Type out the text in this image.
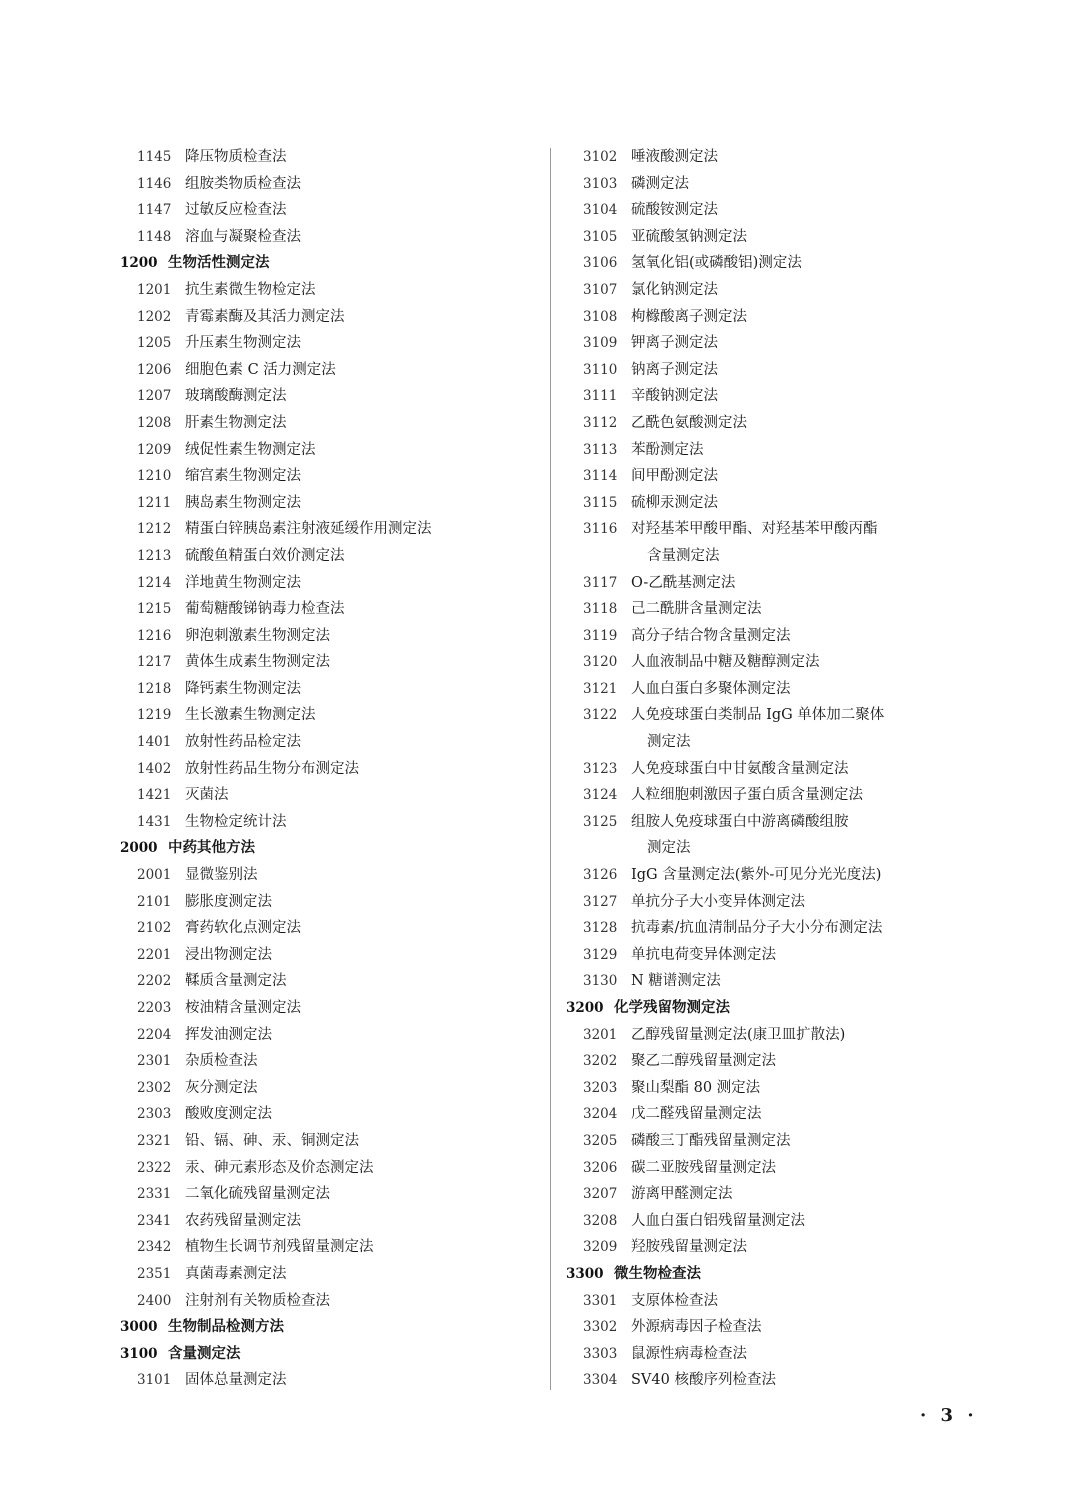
1145 降压物质检查法
1146 组胺类物质检查法
1147 过敏反应检查法
1148 溶血与凝聚检查法
1200 生物活性测定法
1201 抗生素微生物检定法
1202 青霉素酶及其活力测定法
1205 升压素生物测定法
1206 细胞色素 C 活力测定法
1207 玻璃酸酶测定法
1208 肝素生物测定法
1209 绒促性素生物测定法
1210 缩宫素生物测定法
1211 胰岛素生物测定法
1212 精蛋白锌胰岛素注射液延缓作用测定法
1213 硫酸鱼精蛋白效价测定法
1214 洋地黄生物测定法
1215 葡萄糖酸锑钠毒力检查法
1216 卵泡刺激素生物测定法
1217 黄体生成素生物测定法
1218 降钙素生物测定法
1219 生长激素生物测定法
1401 放射性药品检定法
1402 放射性药品生物分布测定法
1421 灭菌法
1431 生物检定统计法
2000 中药其他方法
2001 显微鉴别法
2101 膨胀度测定法
2102 膏药软化点测定法
2201 浸出物测定法
2202 鞣质含量测定法
2203 桉油精含量测定法
2204 挥发油测定法
2301 杂质检查法
2302 灰分测定法
2303 酸败度测定法
2321 铅、镉、砷、汞、铜测定法
2322 汞、砷元素形态及价态测定法
2331 二氧化硫残留量测定法
2341 农药残留量测定法
2342 植物生长调节剂残留量测定法
2351 真菌毒素测定法
2400 注射剂有关物质检查法
3000 生物制品检测方法
3100 含量测定法
3101 固体总量测定法
3102 唾液酸测定法
3103 磷测定法
3104 硫酸铵测定法
3105 亚硫酸氢钠测定法
3106 氢氧化铝(或磷酸铝)测定法
3107 氯化钠测定法
3108 枸橼酸离子测定法
3109 钾离子测定法
3110 钠离子测定法
3111 辛酸钠测定法
3112 乙酰色氨酸测定法
3113 苯酚测定法
3114 间甲酚测定法
3115 硫柳汞测定法
3116 对羟基苯甲酸甲酯、对羟基苯甲酸丙酯
含量测定法
3117 O-乙酰基测定法
3118 己二酰肼含量测定法
3119 高分子结合物含量测定法
3120 人血液制品中糖及糖醇测定法
3121 人血白蛋白多聚体测定法
3122 人免疫球蛋白类制品 IgG 单体加二聚体
测定法
3123 人免疫球蛋白中甘氨酸含量测定法
3124 人粒细胞刺激因子蛋白质含量测定法
3125 组胺人免疫球蛋白中游离磷酸组胺
测定法
3126 IgG 含量测定法(紫外-可见分光光度法)
3127 单抗分子大小变异体测定法
3128 抗毒素/抗血清制品分子大小分布测定法
3129 单抗电荷变异体测定法
3130 N 糖谱测定法
3200 化学残留物测定法
3201 乙醇残留量测定法(康卫皿扩散法)
3202 聚乙二醇残留量测定法
3203 聚山梨酯 80 测定法
3204 戊二醛残留量测定法
3205 磷酸三丁酯残留量测定法
3206 碳二亚胺残留量测定法
3207 游离甲醛测定法
3208 人血白蛋白铝残留量测定法
3209 羟胺残留量测定法
3300 微生物检查法
3301 支原体检查法
3302 外源病毒因子检查法
3303 鼠源性病毒检查法
3304 SV40 核酸序列检查法
· 3 ·
